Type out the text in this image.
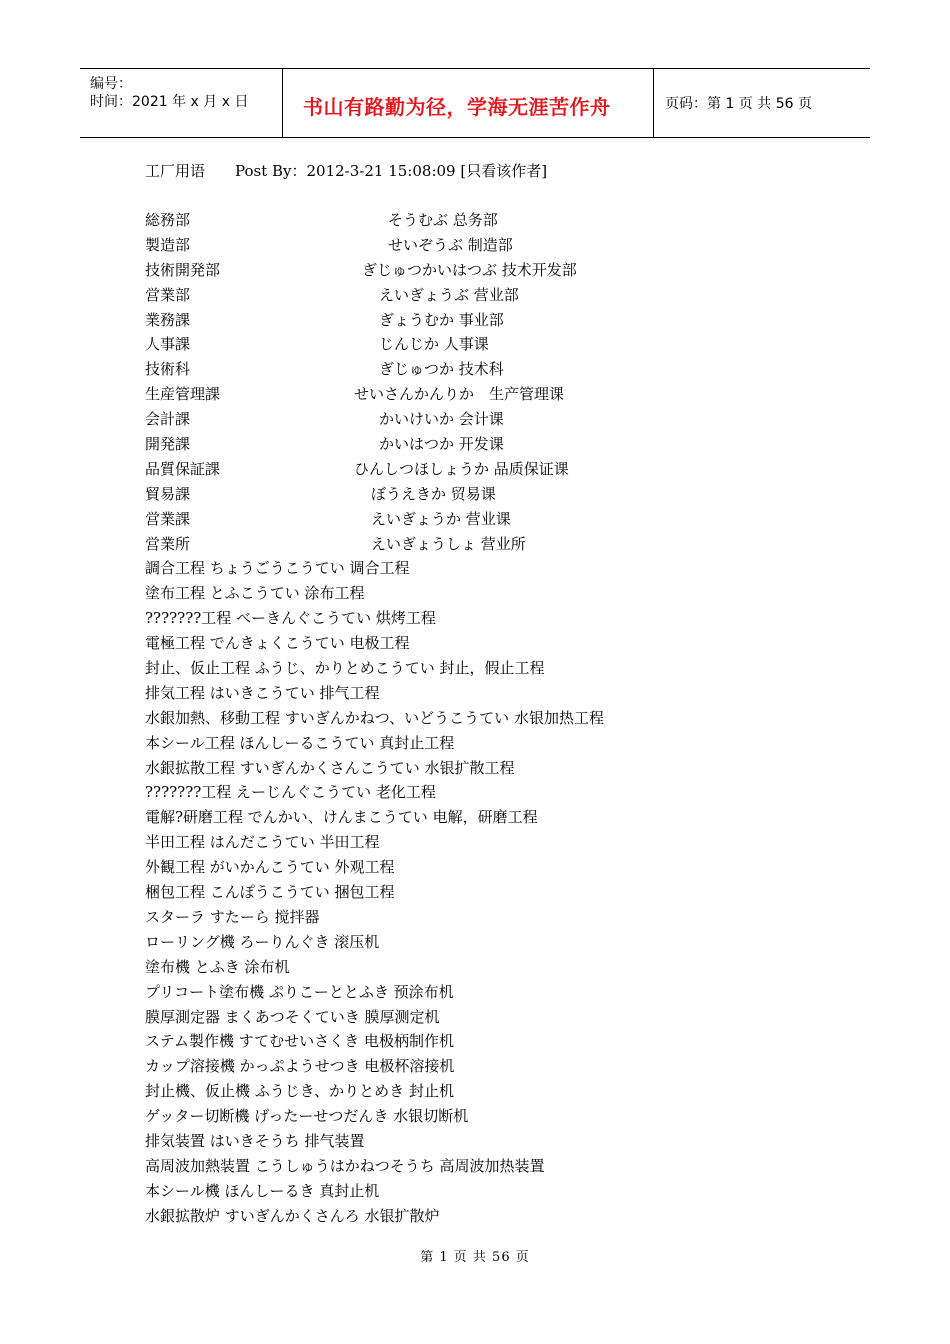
编号：
时间：2021 年 x 月 x 日	书山有路勤为径，学海无涯苦作舟	页码：第 1 页 共 56 页
工厂用语　　Post By：2012-3-21 15:08:09 [只看该作者]
総務部	そうむぶ 总务部
製造部	せいぞうぶ 制造部
技術開発部	ぎじゅつかいはつぶ 技术开发部
営業部	えいぎょうぶ 营业部
業務課	ぎょうむか 事业部
人事課	じんじか 人事课
技術科	ぎじゅつか 技术科
生産管理課	せいさんかんりか　生产管理课
会計課	かいけいか 会计课
開発課	かいはつか 开发课
品質保証課	ひんしつほしょうか 品质保证课
貿易課	ぼうえきか 贸易课
営業課	えいぎょうか 营业课
営業所	えいぎょうしょ 营业所
調合工程 ちょうごうこうてい 调合工程
塗布工程 とふこうてい 涂布工程
???????工程 べーきんぐこうてい 烘烤工程
電極工程 でんきょくこうてい 电极工程
封止、仮止工程 ふうじ、かりとめこうてい 封止，假止工程
排気工程 はいきこうてい 排气工程
水銀加熱、移動工程 すいぎんかねつ、いどうこうてい 水银加热工程
本シール工程 ほんしーるこうてい 真封止工程
水銀拡散工程 すいぎんかくさんこうてい 水银扩散工程
???????工程 えーじんぐこうてい 老化工程
電解?研磨工程 でんかい、けんまこうてい 电解，研磨工程
半田工程 はんだこうてい 半田工程
外観工程 がいかんこうてい 外观工程
梱包工程 こんぽうこうてい 捆包工程
スターラ すたーら 搅拌器
ローリング機 ろーりんぐき 滚压机
塗布機 とふき 涂布机
プリコート塗布機 ぷりこーととふき 预涂布机
膜厚測定器 まくあつそくていき 膜厚测定机
ステム製作機 すてむせいさくき 电极柄制作机
カップ溶接機 かっぷようせつき 电极杯溶接机
封止機、仮止機 ふうじき、かりとめき 封止机
ゲッター切断機 げったーせつだんき 水银切断机
排気装置 はいきそうち 排气装置
高周波加熱装置 こうしゅうはかねつそうち 高周波加热装置
本シール機 ほんしーるき 真封止机
水銀拡散炉 すいぎんかくさんろ 水银扩散炉
第 1 页 共 56 页
